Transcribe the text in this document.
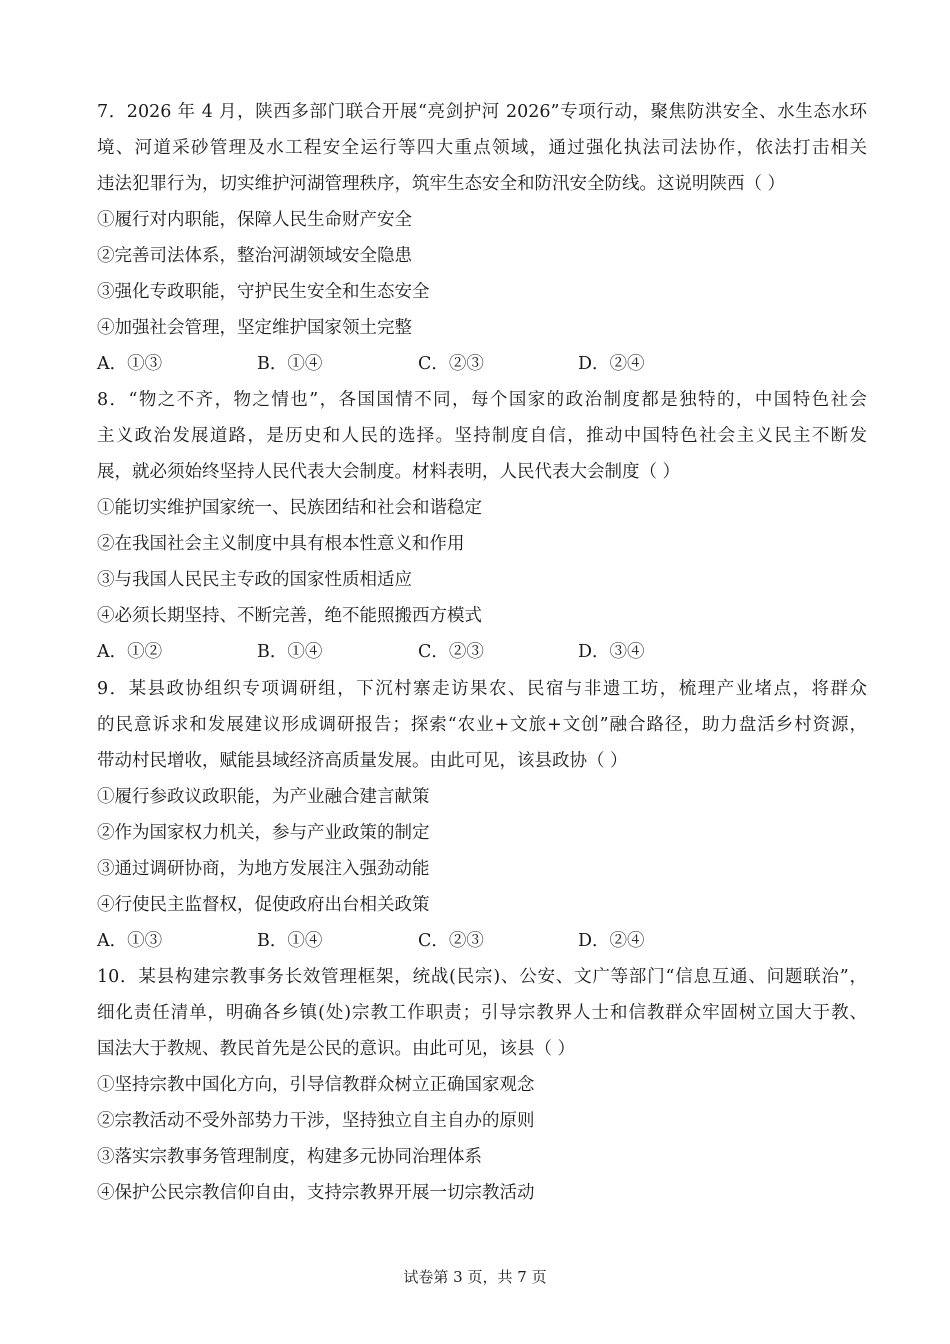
7．2026 年 4 月，陕西多部门联合开展“亮剑护河 2026”专项行动，聚焦防洪安全、水生态水环
境、河道采砂管理及水工程安全运行等四大重点领域，通过强化执法司法协作，依法打击相关
违法犯罪行为，切实维护河湖管理秩序，筑牢生态安全和防汛安全防线。这说明陕西（ ）
①履行对内职能，保障人民生命财产安全
②完善司法体系，整治河湖领域安全隐患
③强化专政职能，守护民生安全和生态安全
④加强社会管理，坚定维护国家领土完整
A．①③	B．①④	C．②③	D．②④
8．“物之不齐，物之情也”，各国国情不同，每个国家的政治制度都是独特的，中国特色社会
主义政治发展道路，是历史和人民的选择。坚持制度自信，推动中国特色社会主义民主不断发
展，就必须始终坚持人民代表大会制度。材料表明，人民代表大会制度（ ）
①能切实维护国家统一、民族团结和社会和谐稳定
②在我国社会主义制度中具有根本性意义和作用
③与我国人民民主专政的国家性质相适应
④必须长期坚持、不断完善，绝不能照搬西方模式
A．①②	B．①④	C．②③	D．③④
9．某县政协组织专项调研组，下沉村寨走访果农、民宿与非遗工坊，梳理产业堵点，将群众
的民意诉求和发展建议形成调研报告；探索“农业+文旅+文创”融合路径，助力盘活乡村资源，
带动村民增收，赋能县域经济高质量发展。由此可见，该县政协（ ）
①履行参政议政职能，为产业融合建言献策
②作为国家权力机关，参与产业政策的制定
③通过调研协商，为地方发展注入强劲动能
④行使民主监督权，促使政府出台相关政策
A．①③	B．①④	C．②③	D．②④
10．某县构建宗教事务长效管理框架，统战(民宗)、公安、文广等部门“信息互通、问题联治”，
细化责任清单，明确各乡镇(处)宗教工作职责；引导宗教界人士和信教群众牢固树立国大于教、
国法大于教规、教民首先是公民的意识。由此可见，该县（ ）
①坚持宗教中国化方向，引导信教群众树立正确国家观念
②宗教活动不受外部势力干涉，坚持独立自主自办的原则
③落实宗教事务管理制度，构建多元协同治理体系
④保护公民宗教信仰自由，支持宗教界开展一切宗教活动
试卷第 3 页，共 7 页
